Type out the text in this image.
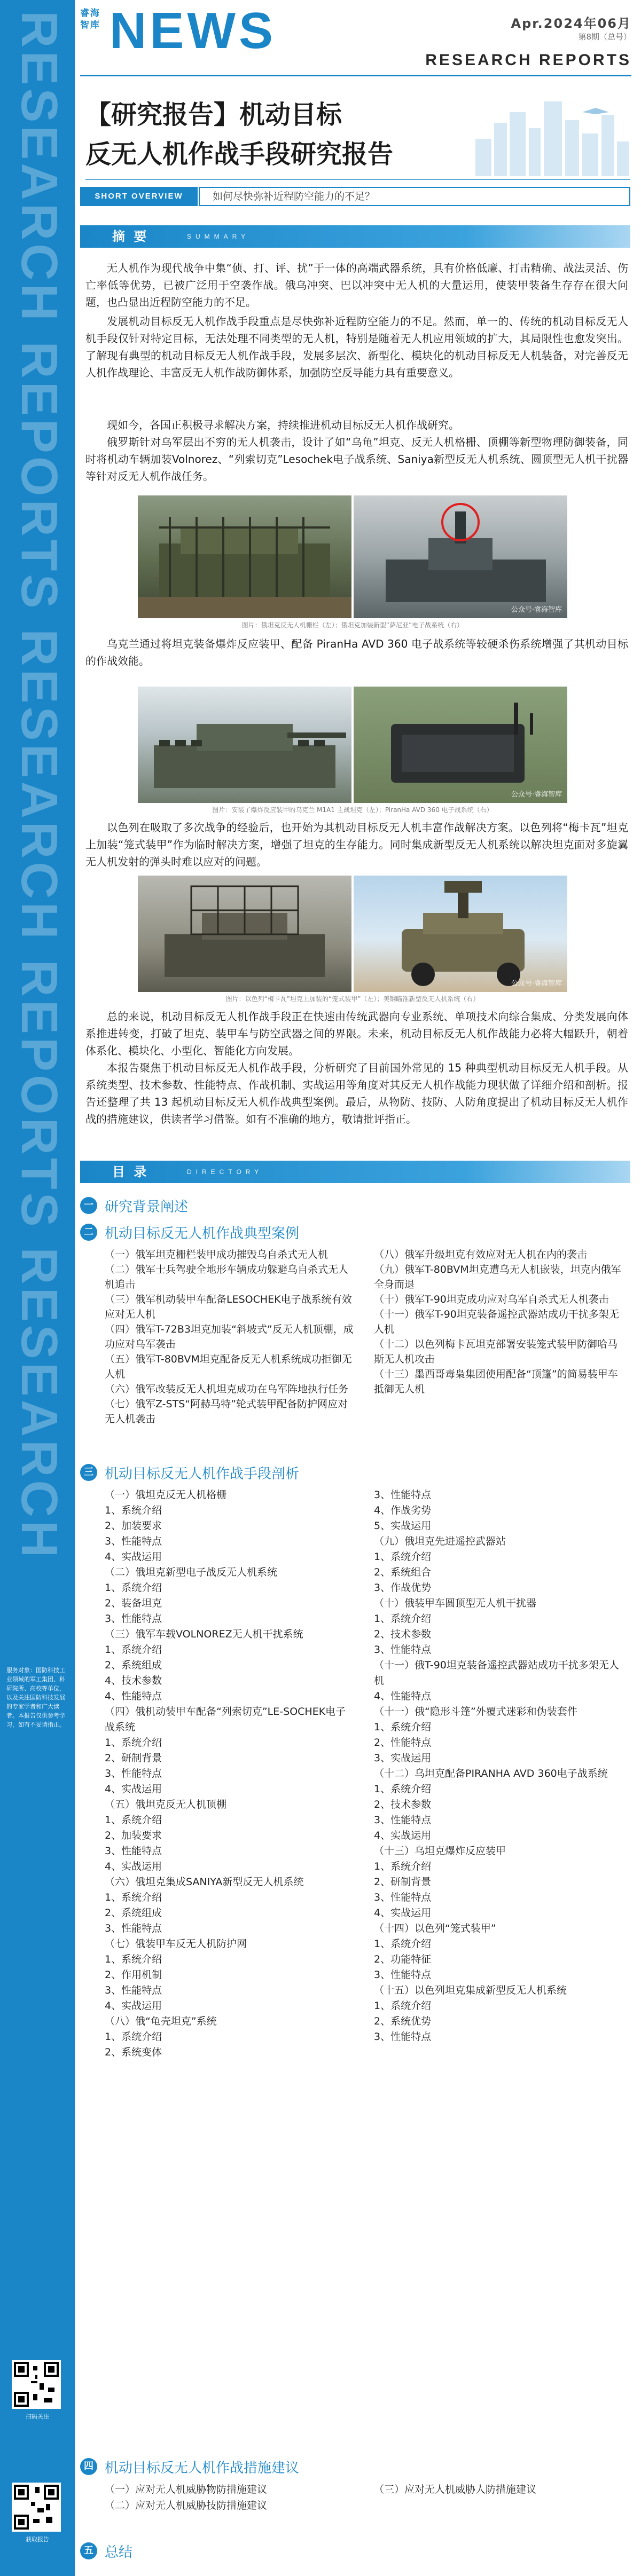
RESEARCH REPORTS RESEARCH REPORTS RESEARCH
服务对象：国防科技工业领域的军工集团、科研院所、高校等单位，以及关注国防科技发展的专家学者和广大读者。本报告仅供参考学习，如有不妥请指正。
扫码关注
获取报告
睿海智库 NEWS	Apr.2024年06月
第8期（总号）
RESEARCH REPORTS
【研究报告】机动目标
反无人机作战手段研究报告
SHORT OVERVIEW	如何尽快弥补近程防空能力的不足？
摘 要	SUMMARY
无人机作为现代战争中集“侦、打、评、扰”于一体的高端武器系统，具有价格低廉、打击精确、战法灵活、伤亡率低等优势，已被广泛用于空袭作战。俄乌冲突、巴以冲突中无人机的大量运用，使装甲装备生存存在很大问题，也凸显出近程防空能力的不足。
发展机动目标反无人机作战手段重点是尽快弥补近程防空能力的不足。然而，单一的、传统的机动目标反无人机手段仅针对特定目标，无法处理不同类型的无人机，特别是随着无人机应用领域的扩大，其局限性也愈发突出。了解现有典型的机动目标反无人机作战手段，发展多层次、新型化、模块化的机动目标反无人机装备，对完善反无人机作战理论、丰富反无人机作战防御体系，加强防空反导能力具有重要意义。
现如今，各国正积极寻求解决方案，持续推进机动目标反无人机作战研究。
俄罗斯针对乌军层出不穷的无人机袭击，设计了如“乌龟”坦克、反无人机格栅、顶棚等新型物理防御装备，同时将机动车辆加装Volnorez、“列索切克”Lesochek电子战系统、Saniya新型反无人机系统、圆顶型无人机干扰器等针对反无人机作战任务。
公众号·睿海智库
图片：俄坦克反无人机栅栏（左）；俄坦克加装新型“萨尼亚”电子战系统（右）
乌克兰通过将坦克装备爆炸反应装甲、配备 PiranHa AVD 360 电子战系统等较硬杀伤系统增强了其机动目标的作战效能。
公众号·睿海智库
图片：安装了爆炸反应装甲的乌克兰 M1A1 主战坦克（左）；PiranHa AVD 360 电子战系统（右）
以色列在吸取了多次战争的经验后，也开始为其机动目标反无人机丰富作战解决方案。以色列将“梅卡瓦”坦克上加装“笼式装甲”作为临时解决方案，增强了坦克的生存能力。同时集成新型反无人机系统以解决坦克面对多旋翼无人机发射的弹头时难以应对的问题。
公众号·睿海智库
图片：以色列“梅卡瓦”坦克上加装的“笼式装甲”（左）；美钢瞄准新型反无人机系统（右）
总的来说，机动目标反无人机作战手段正在快速由传统武器向专业系统、单项技术向综合集成、分类发展向体系推进转变，打破了坦克、装甲车与防空武器之间的界限。未来，机动目标反无人机作战能力必将大幅跃升，朝着体系化、模块化、小型化、智能化方向发展。
本报告聚焦于机动目标反无人机作战手段，分析研究了目前国外常见的 15 种典型机动目标反无人机手段。从系统类型、技术参数、性能特点、作战机制、实战运用等角度对其反无人机作战能力现状做了详细介绍和剖析。报告还整理了共 13 起机动目标反无人机作战典型案例。最后，从物防、技防、人防角度提出了机动目标反无人机作战的措施建议，供读者学习借鉴。如有不准确的地方，敬请批评指正。
目 录	DIRECTORY
一 研究背景阐述
二 机动目标反无人机作战典型案例
（一）俄军坦克栅栏装甲成功摧毁乌自杀式无人机
（二）俄军士兵驾驶全地形车辆成功躲避乌自杀式无人机追击
（三）俄军机动装甲车配备LESOCHEK电子战系统有效应对无人机
（四）俄军T-72B3坦克加装“斜坡式”反无人机顶棚，成功应对乌军袭击
（五）俄军T-80BVM坦克配备反无人机系统成功拒御无人机
（六）俄军改装反无人机坦克成功在乌军阵地执行任务
（七）俄军Z-STS“阿赫马特”轮式装甲配备防护网应对无人机袭击
（八）俄军升级坦克有效应对无人机在内的袭击
（九）俄军T-80BVM坦克遭乌无人机嵌装，坦克内俄军全身而退
（十）俄军T-90坦克成功应对乌军自杀式无人机袭击
（十一）俄军T-90坦克装备遥控武器站成功干扰多架无人机
（十二）以色列梅卡瓦坦克部署安装笼式装甲防御哈马斯无人机攻击
（十三）墨西哥毒枭集团使用配备“顶篷”的简易装甲车抵御无人机
三 机动目标反无人机作战手段剖析
（一）俄坦克反无人机格栅
1、系统介绍
2、加装要求
3、性能特点
4、实战运用
（二）俄坦克新型电子战反无人机系统
1、系统介绍
2、装备坦克
3、性能特点
（三）俄军车载VOLNOREZ无人机干扰系统
1、系统介绍
2、系统组成
4、技术参数
4、性能特点
（四）俄机动装甲车配备“列索切克”LE-SOCHEK电子战系统
1、系统介绍
2、研制背景
3、性能特点
4、实战运用
（五）俄坦克反无人机顶棚
1、系统介绍
2、加装要求
3、性能特点
4、实战运用
（六）俄坦克集成SANIYA新型反无人机系统
1、系统介绍
2、系统组成
3、性能特点
（七）俄装甲车反无人机防护网
1、系统介绍
2、作用机制
3、性能特点
4、实战运用
（八）俄“龟壳坦克”系统
1、系统介绍
2、系统变体
3、性能特点
4、作战劣势
5、实战运用
（九）俄坦克先进遥控武器站
1、系统介绍
2、系统组合
3、作战优势
（十）俄装甲车圆顶型无人机干扰器
1、系统介绍
2、技术参数
3、性能特点
（十一）俄T-90坦克装备遥控武器站成功干扰多架无人机
4、性能特点
（十一）俄“隐形斗篷”外覆式迷彩和伪装套件
1、系统介绍
2、性能特点
3、实战运用
（十二）乌坦克配备PIRANHA AVD 360电子战系统
1、系统介绍
2、技术参数
3、性能特点
4、实战运用
（十三）乌坦克爆炸反应装甲
1、系统介绍
2、研制背景
3、性能特点
4、实战运用
（十四）以色列“笼式装甲”
1、系统介绍
2、功能特征
3、性能特点
（十五）以色列坦克集成新型反无人机系统
1、系统介绍
2、系统优势
3、性能特点
四 机动目标反无人机作战措施建议
（一）应对无人机威胁物防措施建议
（二）应对无人机威胁技防措施建议
（三）应对无人机威胁人防措施建议
五 总结
